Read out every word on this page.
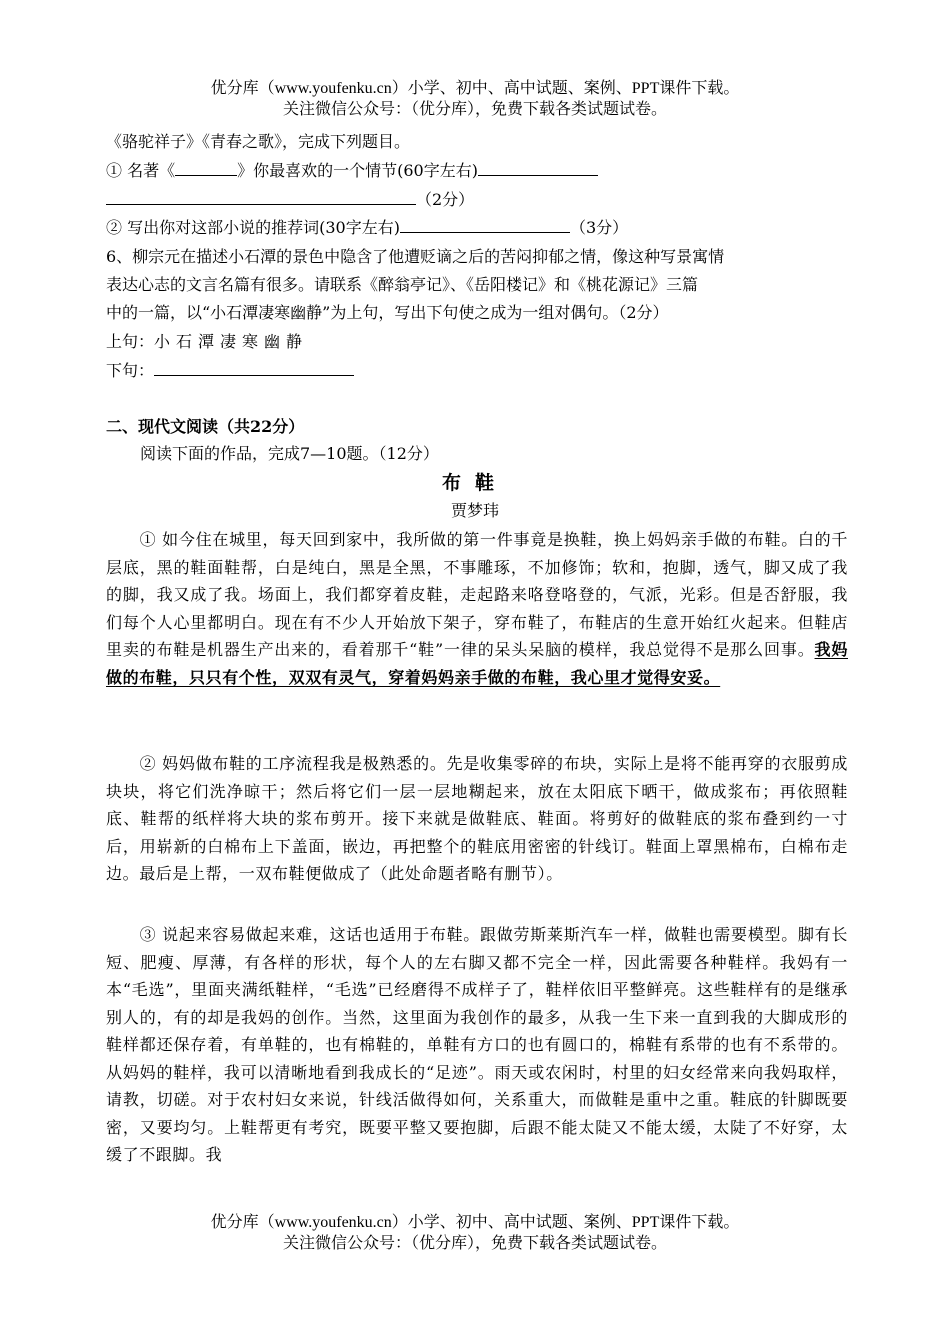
优分库（www.youfenku.cn）小学、初中、高中试题、案例、PPT课件下载。
关注微信公众号：（优分库），免费下载各类试题试卷。
《骆驼祥子》《青春之歌》，完成下列题目。
① 名著《	》你最喜欢的一个情节(60字左右)
（2分）
② 写出你对这部小说的推荐词(30字左右)	（3分）
6、柳宗元在描述小石潭的景色中隐含了他遭贬谪之后的苦闷抑郁之情，像这种写景寓情
表达心志的文言名篇有很多。请联系《醉翁亭记》、《岳阳楼记》和《桃花源记》三篇
中的一篇，以“小石潭凄寒幽静”为上句，写出下句使之成为一组对偶句。（2分）
上句：小石潭凄寒幽静
下句：
二、现代文阅读（共22分）
阅读下面的作品，完成7—10题。（12分）
布鞋
贾梦玮
① 如今住在城里，每天回到家中，我所做的第一件事竟是换鞋，换上妈妈亲手做的布鞋。白的千层底，黑的鞋面鞋帮，白是纯白，黑是全黑，不事雕琢，不加修饰；软和，抱脚，透气，脚又成了我的脚，我又成了我。场面上，我们都穿着皮鞋，走起路来咯登咯登的，气派，光彩。但是否舒服，我们每个人心里都明白。现在有不少人开始放下架子，穿布鞋了，布鞋店的生意开始红火起来。但鞋店里卖的布鞋是机器生产出来的，看着那千“鞋”一律的呆头呆脑的模样，我总觉得不是那么回事。我妈做的布鞋，只只有个性，双双有灵气，穿着妈妈亲手做的布鞋，我心里才觉得安妥。
② 妈妈做布鞋的工序流程我是极熟悉的。先是收集零碎的布块，实际上是将不能再穿的衣服剪成块块，将它们洗净晾干；然后将它们一层一层地糊起来，放在太阳底下晒干，做成浆布；再依照鞋底、鞋帮的纸样将大块的浆布剪开。接下来就是做鞋底、鞋面。将剪好的做鞋底的浆布叠到约一寸后，用崭新的白棉布上下盖面，嵌边，再把整个的鞋底用密密的针线订。鞋面上罩黑棉布，白棉布走边。最后是上帮，一双布鞋便做成了（此处命题者略有删节）。
③ 说起来容易做起来难，这话也适用于布鞋。跟做劳斯莱斯汽车一样，做鞋也需要模型。脚有长短、肥瘦、厚薄，有各样的形状，每个人的左右脚又都不完全一样，因此需要各种鞋样。我妈有一本“毛选”，里面夹满纸鞋样，“毛选”已经磨得不成样子了，鞋样依旧平整鲜亮。这些鞋样有的是继承别人的，有的却是我妈的创作。当然，这里面为我创作的最多，从我一生下来一直到我的大脚成形的鞋样都还保存着，有单鞋的，也有棉鞋的，单鞋有方口的也有圆口的，棉鞋有系带的也有不系带的。从妈妈的鞋样，我可以清晰地看到我成长的“足迹”。雨天或农闲时，村里的妇女经常来向我妈取样，请教，切磋。对于农村妇女来说，针线活做得如何，关系重大，而做鞋是重中之重。鞋底的针脚既要密，又要均匀。上鞋帮更有考究，既要平整又要抱脚，后跟不能太陡又不能太缓，太陡了不好穿，太缓了不跟脚。我
优分库（www.youfenku.cn）小学、初中、高中试题、案例、PPT课件下载。
关注微信公众号：（优分库），免费下载各类试题试卷。
